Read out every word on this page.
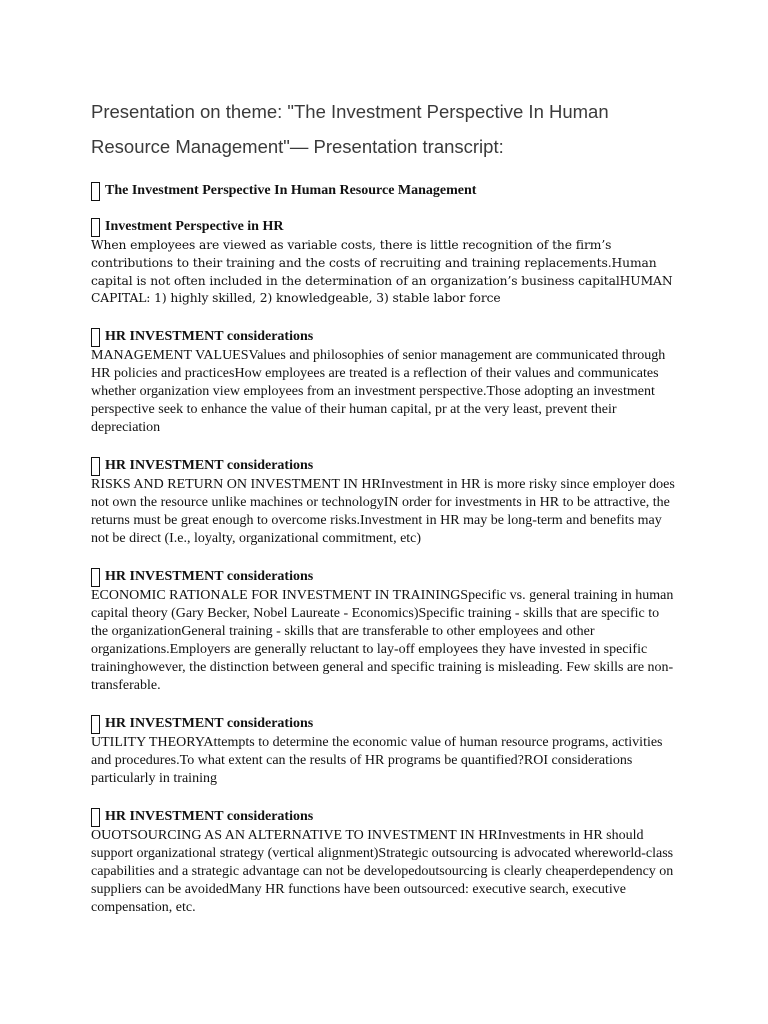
Presentation on theme: "The Investment Perspective In Human Resource Management"— Presentation transcript:
The Investment Perspective In Human Resource Management
Investment Perspective in HR

When employees are viewed as variable costs, there is little recognition of the firm’s contributions to their training and the costs of recruiting and training replacements.Human capital is not often included in the determination of an organization’s business capitalHUMAN CAPITAL: 1) highly skilled, 2) knowledgeable, 3) stable labor force

HR INVESTMENT considerations

MANAGEMENT VALUESValues and philosophies of senior management are communicated through HR policies and practicesHow employees are treated is a reflection of their values and communicates whether organization view employees from an investment perspective.Those adopting an investment perspective seek to enhance the value of their human capital, pr at the very least, prevent their depreciation

HR INVESTMENT considerations

RISKS AND RETURN ON INVESTMENT IN HRInvestment in HR is more risky since employer does not own the resource unlike machines or technologyIN order for investments in HR to be attractive, the returns must be great enough to overcome risks.Investment in HR may be long-term and benefits may not be direct (I.e., loyalty, organizational commitment, etc)

HR INVESTMENT considerations

ECONOMIC RATIONALE FOR INVESTMENT IN TRAININGSpecific vs. general training in human capital theory (Gary Becker, Nobel Laureate - Economics)Specific training - skills that are specific to the organizationGeneral training - skills that are transferable to other employees and other organizations.Employers are generally reluctant to lay-off employees they have invested in specific traininghowever, the distinction between general and specific training is misleading. Few skills are non-transferable.

HR INVESTMENT considerations

UTILITY THEORYAttempts to determine the economic value of human resource programs, activities and procedures.To what extent can the results of HR programs be quantified?ROI considerations particularly in training

HR INVESTMENT considerations

OUOTSOURCING AS AN ALTERNATIVE TO INVESTMENT IN HRInvestments in HR should support organizational strategy (vertical alignment)Strategic outsourcing is advocated whereworld-class capabilities and a strategic advantage can not be developedoutsourcing is clearly cheaperdependency on suppliers can be avoidedMany HR functions have been outsourced: executive search, executive compensation, etc.
